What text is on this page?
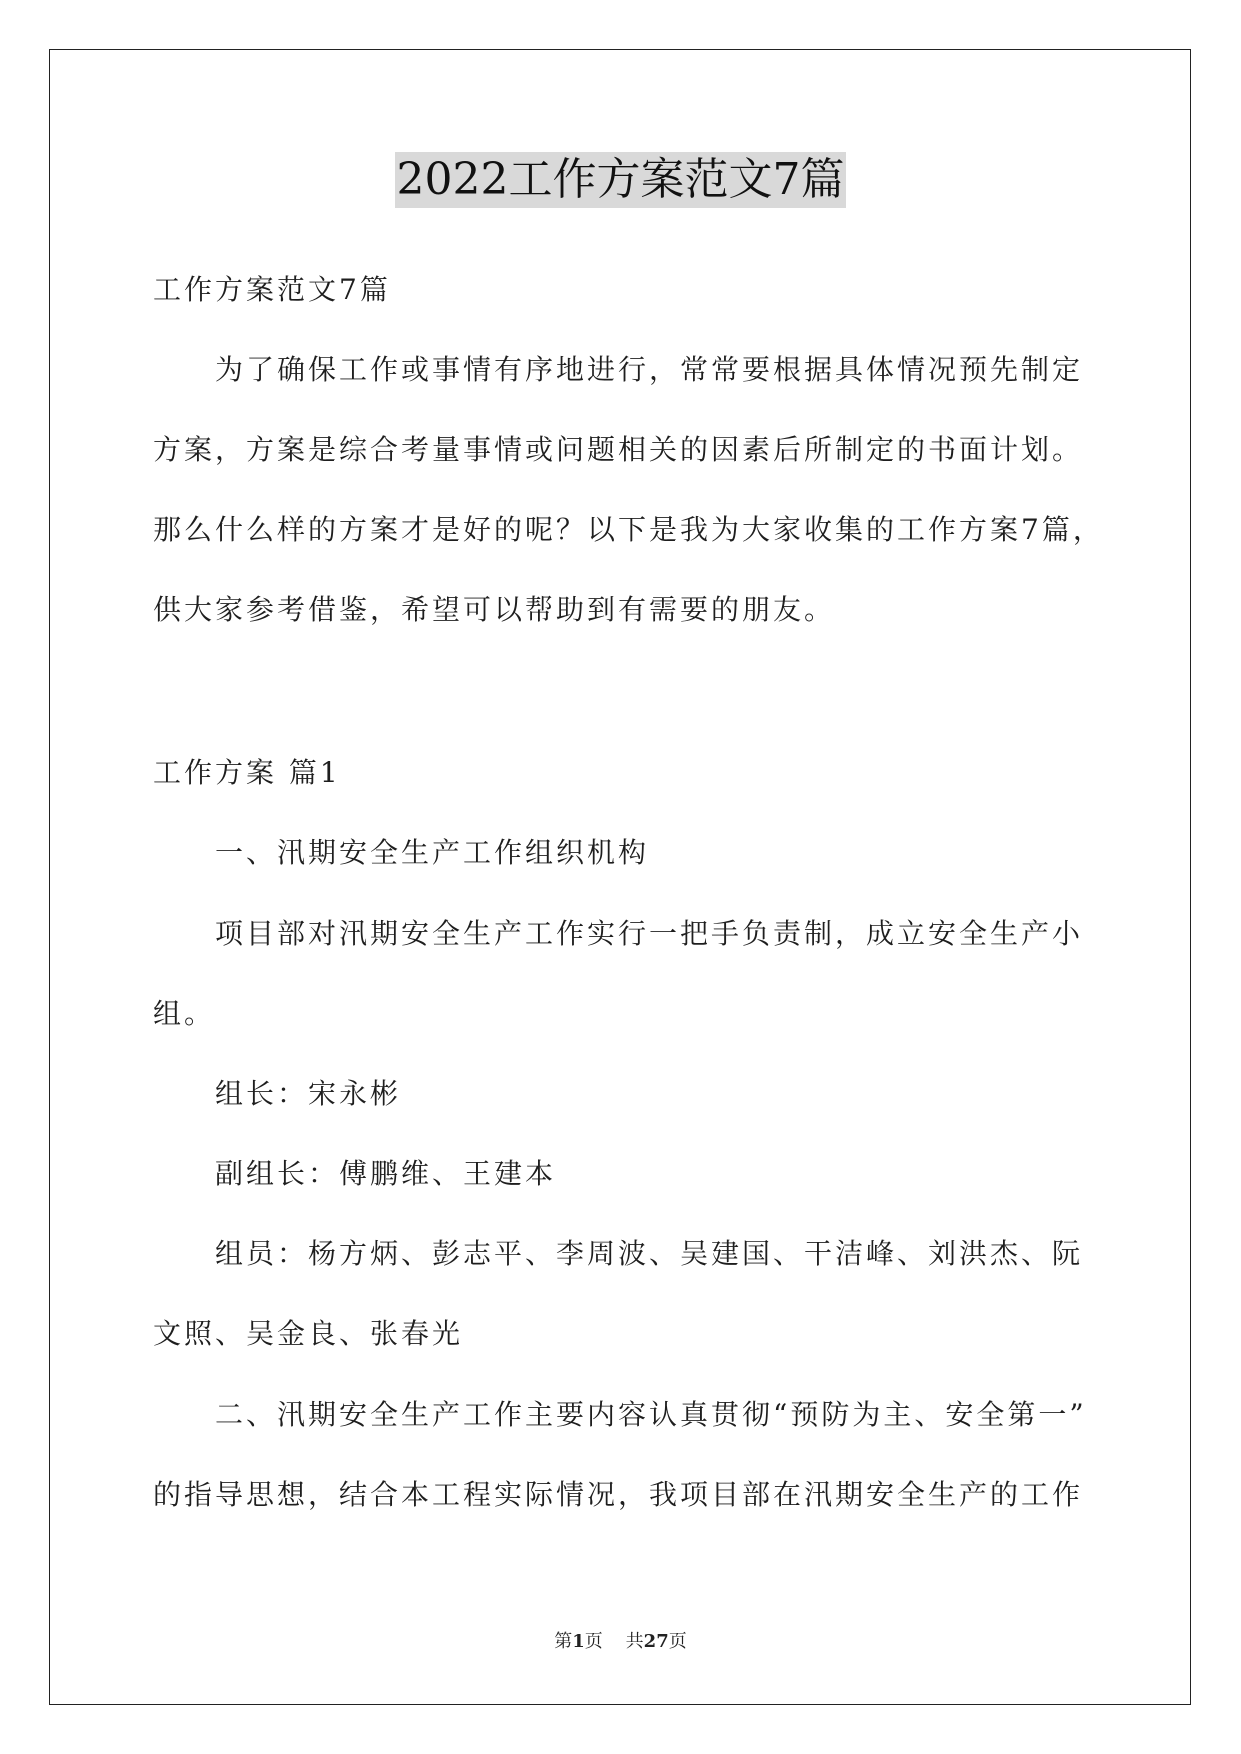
2022工作方案范文7篇
工作方案范文7篇
为了确保工作或事情有序地进行，常常要根据具体情况预先制定
方案，方案是综合考量事情或问题相关的因素后所制定的书面计划。
那么什么样的方案才是好的呢？以下是我为大家收集的工作方案7篇，
供大家参考借鉴，希望可以帮助到有需要的朋友。
工作方案 篇1
一、汛期安全生产工作组织机构
项目部对汛期安全生产工作实行一把手负责制，成立安全生产小
组。
组长：宋永彬
副组长：傅鹏维、王建本
组员：杨方炳、彭志平、李周波、吴建国、干洁峰、刘洪杰、阮
文照、吴金良、张春光
二、汛期安全生产工作主要内容认真贯彻“预防为主、安全第一”
的指导思想，结合本工程实际情况，我项目部在汛期安全生产的工作
第1页 共27页
